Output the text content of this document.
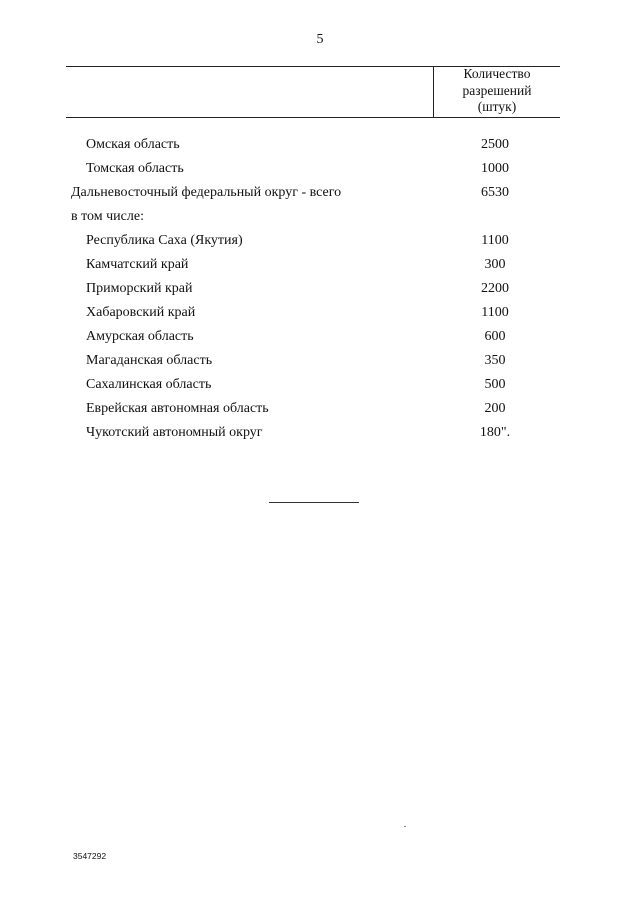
5
Количество
разрешений
(штук)
Омская область	2500
Томская область	1000
Дальневосточный федеральный округ - всего	6530
в том числе:
Республика Саха (Якутия)	1100
Камчатский край	300
Приморский край	2200
Хабаровский край	1100
Амурская область	600
Магаданская область	350
Сахалинская область	500
Еврейская автономная область	200
Чукотский автономный округ	180".
3547292
